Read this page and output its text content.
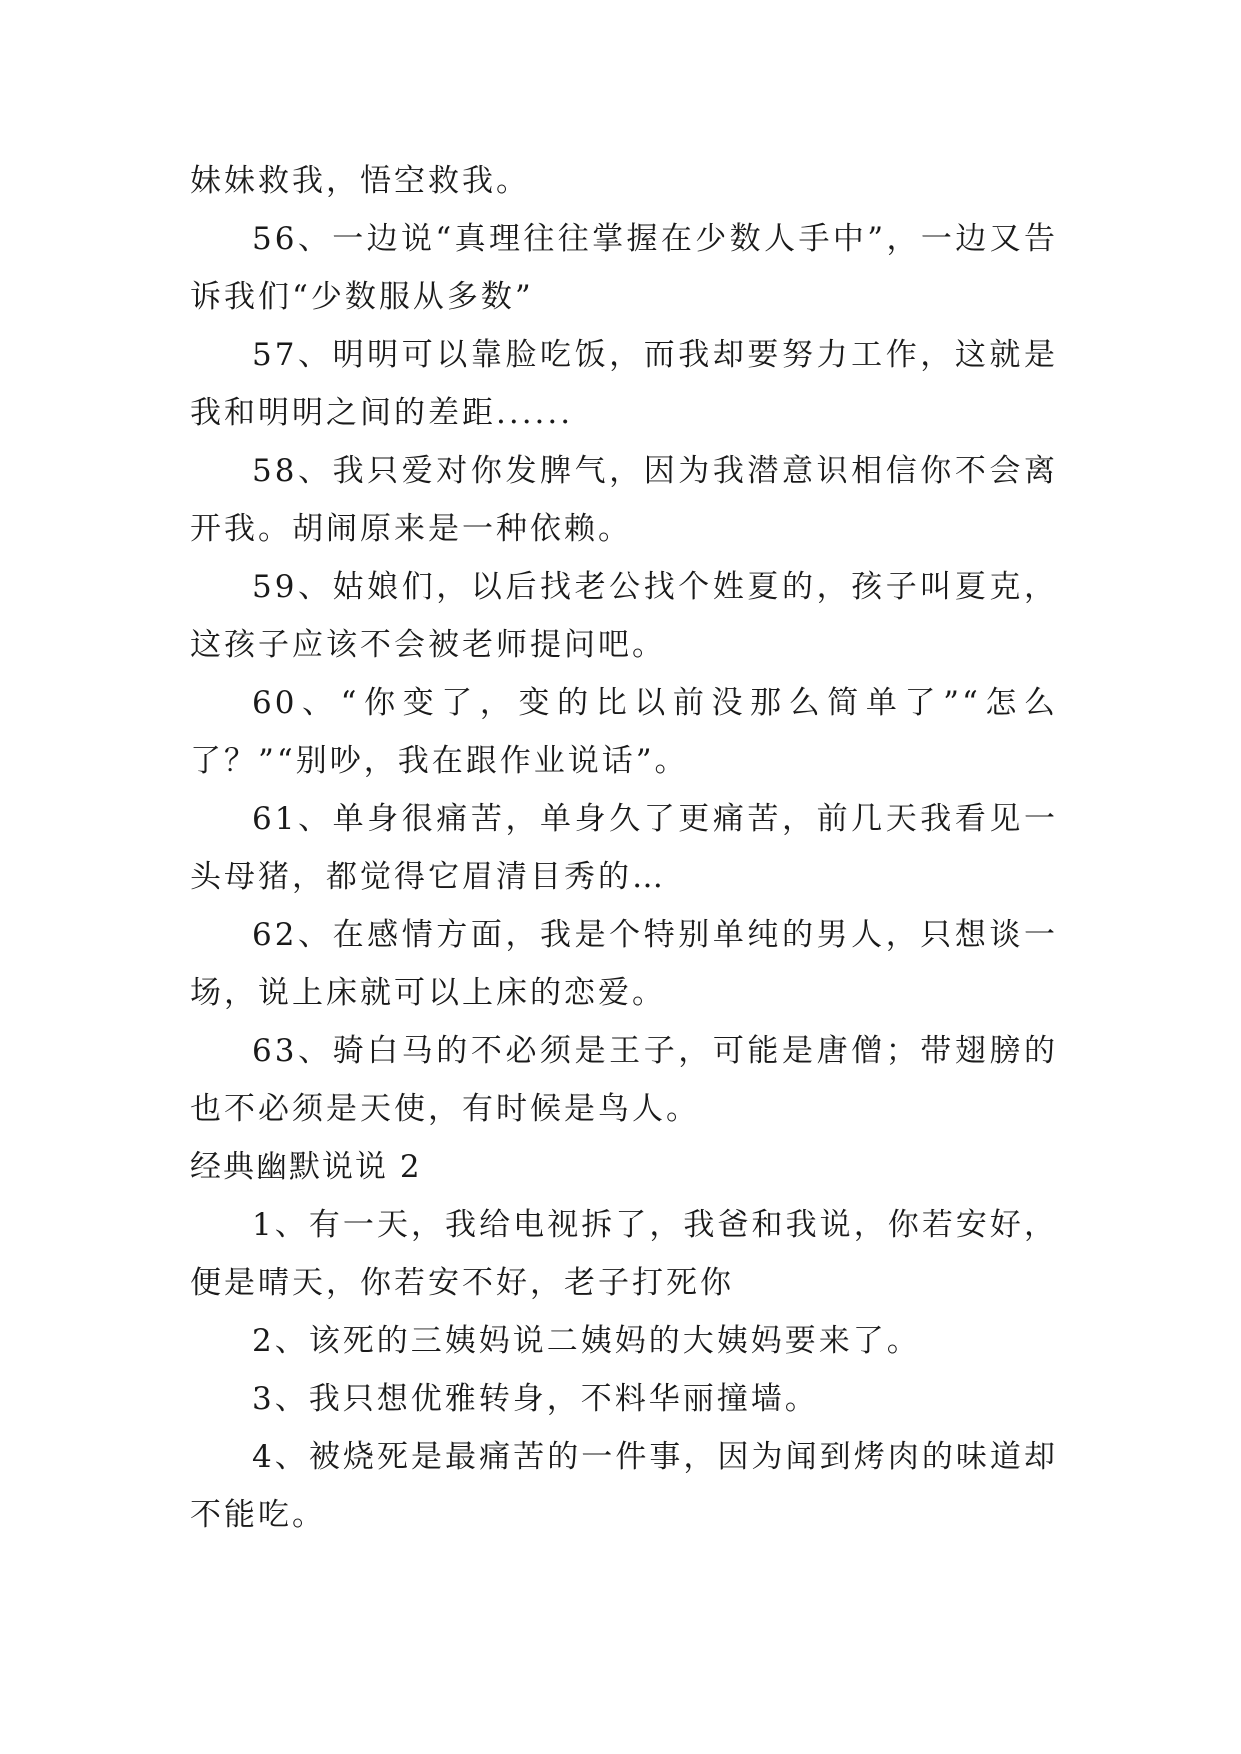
妹妹救我，悟空救我。

56、一边说“真理往往掌握在少数人手中”，一边又告诉我们“少数服从多数”

57、明明可以靠脸吃饭，而我却要努力工作，这就是我和明明之间的差距......

58、我只爱对你发脾气，因为我潜意识相信你不会离开我。胡闹原来是一种依赖。

59、姑娘们，以后找老公找个姓夏的，孩子叫夏克，这孩子应该不会被老师提问吧。

60、“你变了，变的比以前没那么简单了”“怎么了？”“别吵，我在跟作业说话”。

61、单身很痛苦，单身久了更痛苦，前几天我看见一头母猪，都觉得它眉清目秀的…

62、在感情方面，我是个特别单纯的男人，只想谈一场，说上床就可以上床的恋爱。

63、骑白马的不必须是王子，可能是唐僧；带翅膀的也不必须是天使，有时候是鸟人。

经典幽默说说 2

1、有一天，我给电视拆了，我爸和我说，你若安好，便是晴天，你若安不好，老子打死你

2、该死的三姨妈说二姨妈的大姨妈要来了。

3、我只想优雅转身，不料华丽撞墙。

4、被烧死是最痛苦的一件事，因为闻到烤肉的味道却不能吃。
